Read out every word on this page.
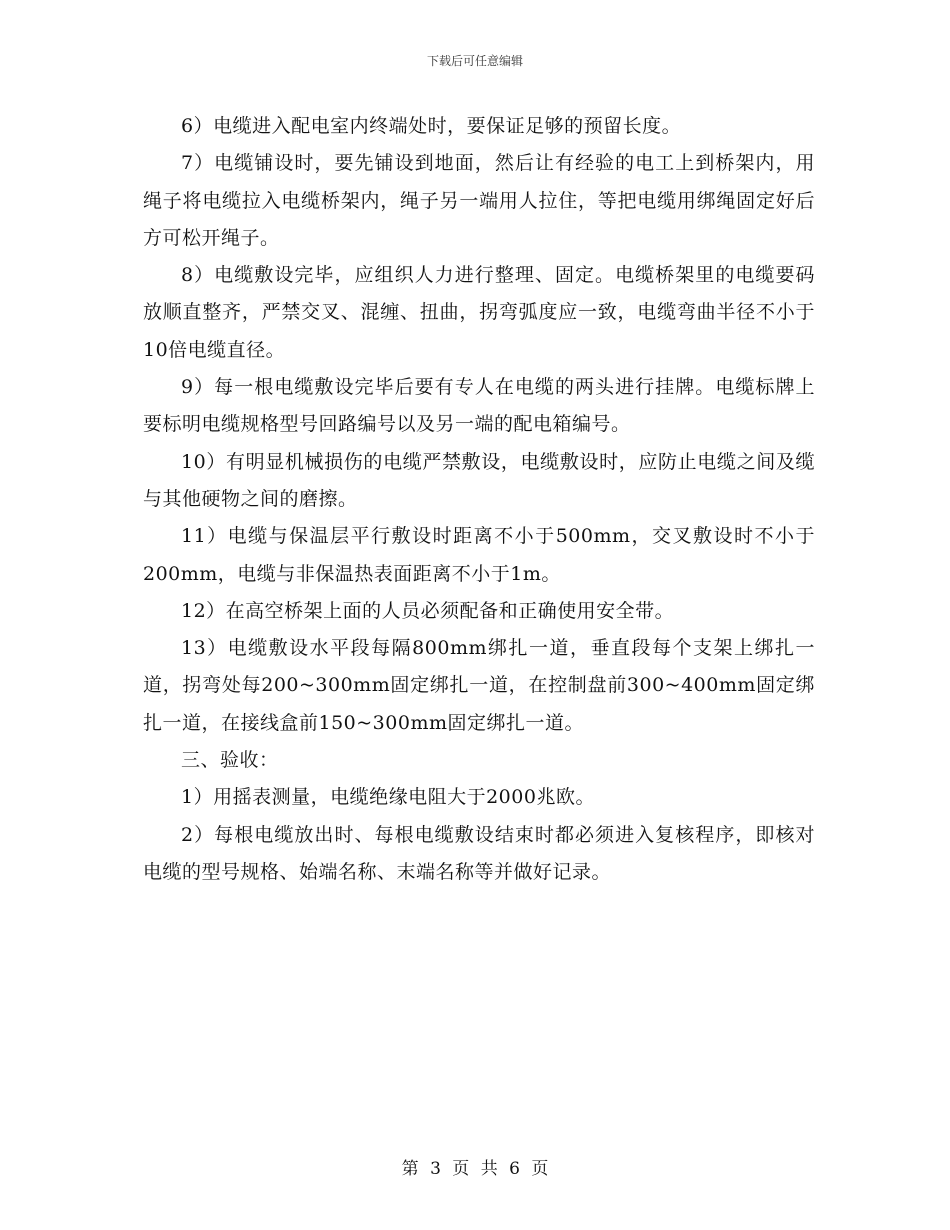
下载后可任意编辑

6）电缆进入配电室内终端处时，要保证足够的预留长度。

7）电缆铺设时，要先铺设到地面，然后让有经验的电工上到桥架内，用绳子将电缆拉入电缆桥架内，绳子另一端用人拉住，等把电缆用绑绳固定好后方可松开绳子。

8）电缆敷设完毕，应组织人力进行整理、固定。电缆桥架里的电缆要码放顺直整齐，严禁交叉、混缠、扭曲，拐弯弧度应一致，电缆弯曲半径不小于10倍电缆直径。

9）每一根电缆敷设完毕后要有专人在电缆的两头进行挂牌。电缆标牌上要标明电缆规格型号回路编号以及另一端的配电箱编号。

10）有明显机械损伤的电缆严禁敷设，电缆敷设时，应防止电缆之间及缆与其他硬物之间的磨擦。

11）电缆与保温层平行敷设时距离不小于500mm，交叉敷设时不小于200mm，电缆与非保温热表面距离不小于1m。

12）在高空桥架上面的人员必须配备和正确使用安全带。

13）电缆敷设水平段每隔800mm绑扎一道，垂直段每个支架上绑扎一道，拐弯处每200~300mm固定绑扎一道，在控制盘前300~400mm固定绑扎一道，在接线盒前150~300mm固定绑扎一道。

三、验收：

1）用摇表测量，电缆绝缘电阻大于2000兆欧。

2）每根电缆放出时、每根电缆敷设结束时都必须进入复核程序，即核对电缆的型号规格、始端名称、末端名称等并做好记录。

第 3 页 共 6 页
